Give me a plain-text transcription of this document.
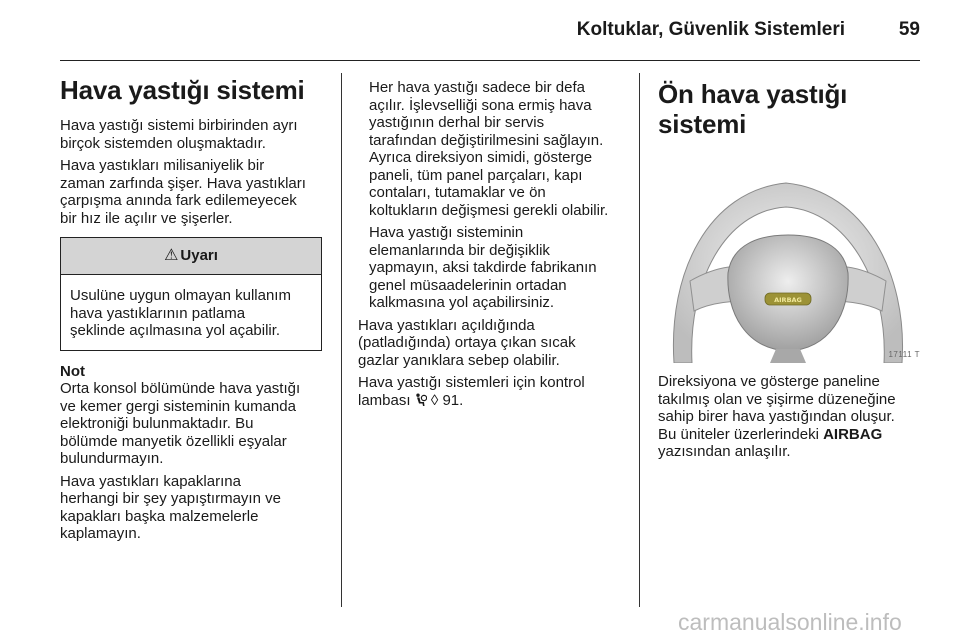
Koltuklar, Güvenlik Sistemleri	59
Hava yastığı sistemi

Hava yastığı sistemi birbirinden ayrı
birçok sistemden oluşmaktadır.

Hava yastıkları milisaniyelik bir
zaman zarfında şişer. Hava yastıkları
çarpışma anında fark edilemeyecek
bir hız ile açılır ve şişerler.

⚠ Uyarı
Usulüne uygun olmayan kullanım
hava yastıklarının patlama
şeklinde açılmasına yol açabilir.

Not
Orta konsol bölümünde hava yastığı
ve kemer gergi sisteminin kumanda
elektroniği bulunmaktadır. Bu
bölümde manyetik özellikli eşyalar
bulundurmayın.

Hava yastıkları kapaklarına
herhangi bir şey yapıştırmayın ve
kapakları başka malzemelerle
kaplamayın.

Her hava yastığı sadece bir defa
açılır. İşlevselliği sona ermiş hava
yastığının derhal bir servis
tarafından değiştirilmesini sağlayın.
Ayrıca direksiyon simidi, gösterge
paneli, tüm panel parçaları, kapı
contaları, tutamaklar ve ön
koltukların değişmesi gerekli olabilir.

Hava yastığı sisteminin
elemanlarında bir değişiklik
yapmayın, aksi takdirde fabrikanın
genel müsaadelerinin ortadan
kalkmasına yol açabilirsiniz.

Hava yastıkları açıldığında
(patladığında) ortaya çıkan sıcak
gazlar yanıklara sebep olabilir.

Hava yastığı sistemleri için kontrol
lambası ◊ 91.

Ön hava yastığı sistemi
AIRBAG
17111 T

Direksiyona ve gösterge paneline
takılmış olan ve şişirme düzeneğine
sahip birer hava yastığından oluşur.
Bu üniteler üzerlerindeki AIRBAG
yazısından anlaşılır.

carmanualsonline.info
